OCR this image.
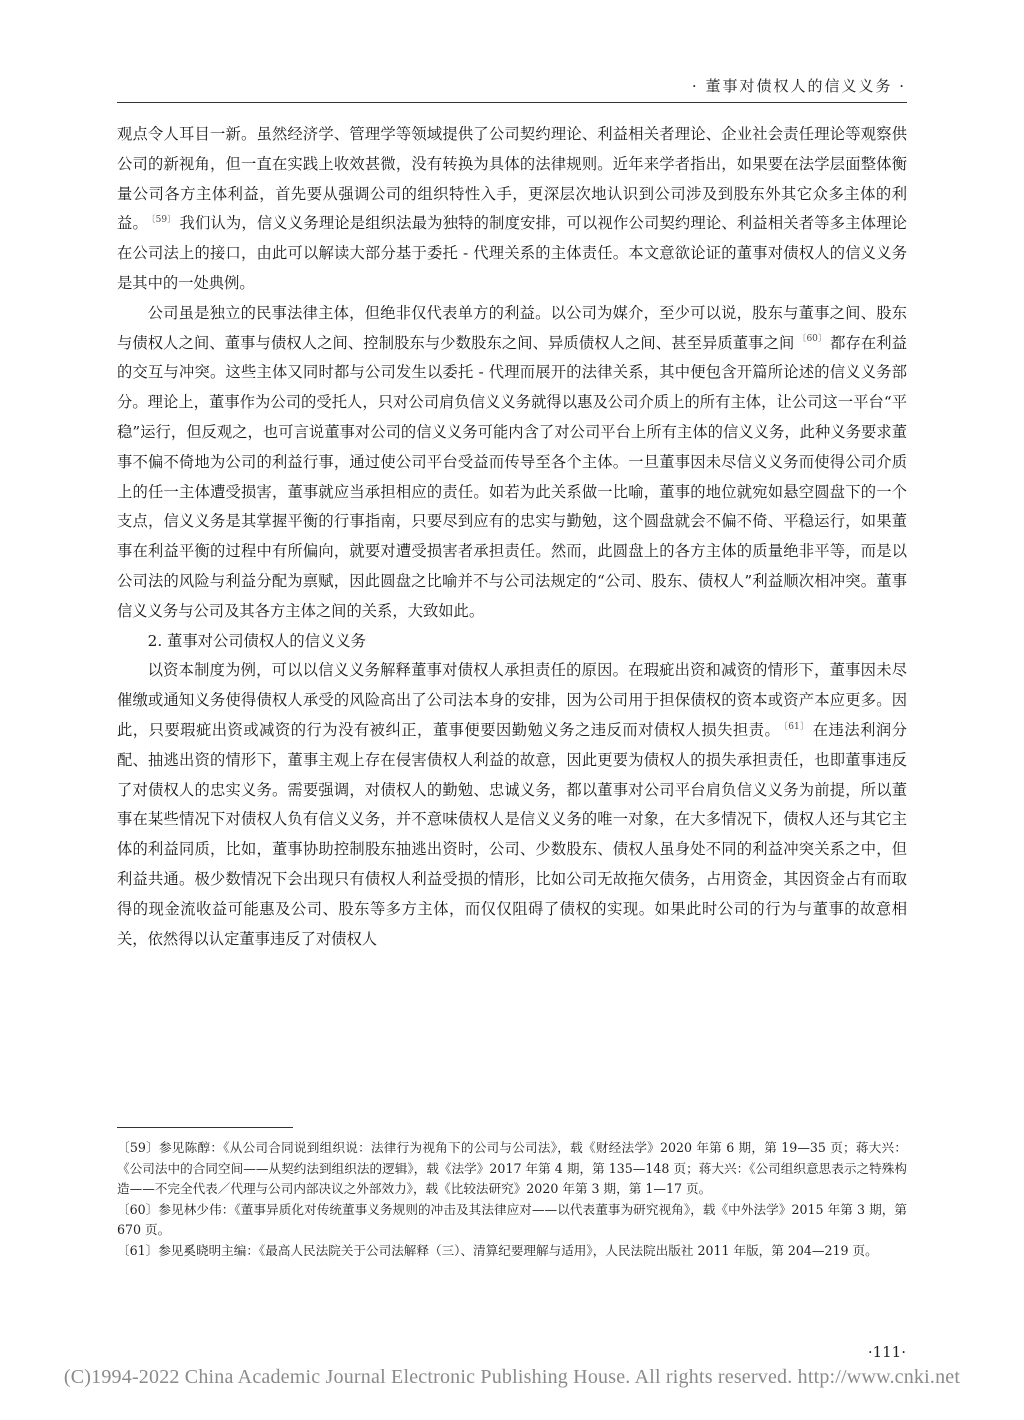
· 董事对债权人的信义义务 ·

观点令人耳目一新。虽然经济学、管理学等领域提供了公司契约理论、利益相关者理论、企业社会责任理论等观察供公司的新视角，但一直在实践上收效甚微，没有转换为具体的法律规则。近年来学者指出，如果要在法学层面整体衡量公司各方主体利益，首先要从强调公司的组织特性入手，更深层次地认识到公司涉及到股东外其它众多主体的利益。 $^{〔59〕}$ 我们认为，信义义务理论是组织法最为独特的制度安排，可以视作公司契约理论、利益相关者等多主体理论在公司法上的接口，由此可以解读大部分基于委托 - 代理关系的主体责任。本文意欲论证的董事对债权人的信义义务是其中的一处典例。

公司虽是独立的民事法律主体，但绝非仅代表单方的利益。以公司为媒介，至少可以说，股东与董事之间、股东与债权人之间、董事与债权人之间、控制股东与少数股东之间、异质债权人之间、甚至异质董事之间 $^{〔60〕}$ 都存在利益的交互与冲突。这些主体又同时都与公司发生以委托 - 代理而展开的法律关系，其中便包含开篇所论述的信义义务部分。理论上，董事作为公司的受托人，只对公司肩负信义义务就得以惠及公司介质上的所有主体，让公司这一平台“平稳”运行，但反观之，也可言说董事对公司的信义义务可能内含了对公司平台上所有主体的信义义务，此种义务要求董事不偏不倚地为公司的利益行事，通过使公司平台受益而传导至各个主体。一旦董事因未尽信义义务而使得公司介质上的任一主体遭受损害，董事就应当承担相应的责任。如若为此关系做一比喻，董事的地位就宛如悬空圆盘下的一个支点，信义义务是其掌握平衡的行事指南，只要尽到应有的忠实与勤勉，这个圆盘就会不偏不倚、平稳运行，如果董事在利益平衡的过程中有所偏向，就要对遭受损害者承担责任。然而，此圆盘上的各方主体的质量绝非平等，而是以公司法的风险与利益分配为禀赋，因此圆盘之比喻并不与公司法规定的“公司、股东、债权人”利益顺次相冲突。董事信义义务与公司及其各方主体之间的关系，大致如此。

2. 董事对公司债权人的信义义务

以资本制度为例，可以以信义义务解释董事对债权人承担责任的原因。在瑕疵出资和减资的情形下，董事因未尽催缴或通知义务使得债权人承受的风险高出了公司法本身的安排，因为公司用于担保债权的资本或资产本应更多。因此，只要瑕疵出资或减资的行为没有被纠正，董事便要因勤勉义务之违反而对债权人损失担责。 $^{〔61〕}$ 在违法利润分配、抽逃出资的情形下，董事主观上存在侵害债权人利益的故意，因此更要为债权人的损失承担责任，也即董事违反了对债权人的忠实义务。需要强调，对债权人的勤勉、忠诚义务，都以董事对公司平台肩负信义义务为前提，所以董事在某些情况下对债权人负有信义义务，并不意味债权人是信义义务的唯一对象，在大多情况下，债权人还与其它主体的利益同质，比如，董事协助控制股东抽逃出资时，公司、少数股东、债权人虽身处不同的利益冲突关系之中，但利益共通。极少数情况下会出现只有债权人利益受损的情形，比如公司无故拖欠债务，占用资金，其因资金占有而取得的现金流收益可能惠及公司、股东等多方主体，而仅仅阻碍了债权的实现。如果此时公司的行为与董事的故意相关，依然得以认定董事违反了对债权人

〔59〕参见陈醇：《从公司合同说到组织说：法律行为视角下的公司与公司法》，载《财经法学》2020 年第 6 期，第 19—35 页；蒋大兴：《公司法中的合同空间——从契约法到组织法的逻辑》，载《法学》2017 年第 4 期，第 135—148 页；蒋大兴：《公司组织意思表示之特殊构造——不完全代表／代理与公司内部决议之外部效力》，载《比较法研究》2020 年第 3 期，第 1—17 页。

〔60〕参见林少伟：《董事异质化对传统董事义务规则的冲击及其法律应对——以代表董事为研究视角》，载《中外法学》2015 年第 3 期，第 670 页。

〔61〕参见奚晓明主编：《最高人民法院关于公司法解释（三）、清算纪要理解与适用》，人民法院出版社 2011 年版，第 204—219 页。

·111·
(C)1994-2022 China Academic Journal Electronic Publishing House. All rights reserved. http://www.cnki.net
